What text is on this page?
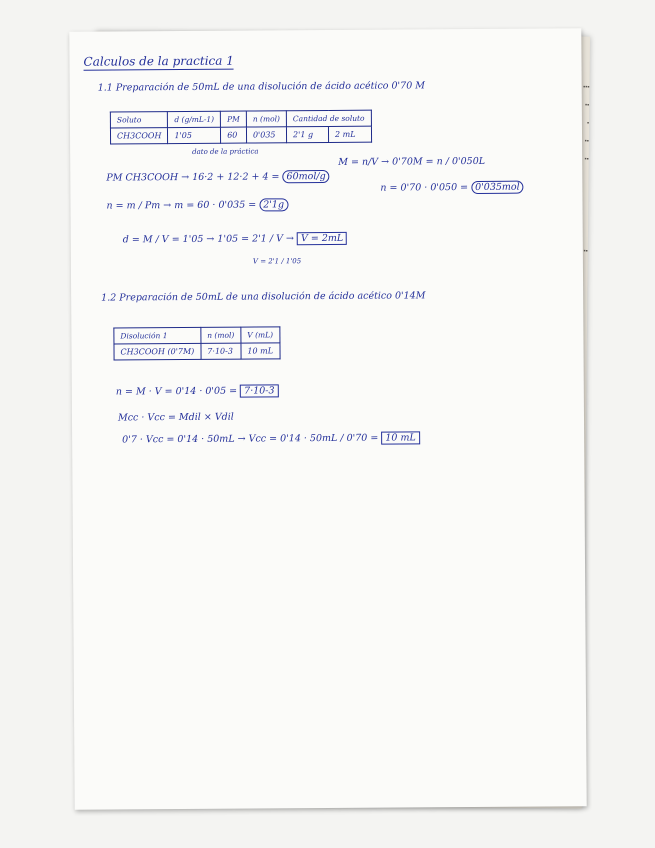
▪▪▪
▪▪
▪
▪▪
▪▪
▪▪
Calculos de la practica 1
1.1 Preparación de 50mL de una disolución de ácido acético 0'70 M
Soluto	d (g/mL-1)	PM	n (mol)	Cantidad de soluto	
CH3COOH	1'05	60	0'035	2'1 g	2 mL
dato de la práctica
M = n/V → 0'70M = n / 0'050L
PM CH3COOH → 16·2 + 12·2 + 4 = 60mol/g
n = 0'70 · 0'050 = 0'035mol
n = m / Pm → m = 60 · 0'035 = 2'1g
d = M / V = 1'05 → 1'05 = 2'1 / V → V = 2mL
V = 2'1 / 1'05
1.2 Preparación de 50mL de una disolución de ácido acético 0'14M
Disolución 1	n (mol)	V (mL)
CH3COOH (0'7M)	7·10-3	10 mL
n = M · V = 0'14 · 0'05 = 7·10-3
Mcc · Vcc = Mdil × Vdil
0'7 · Vcc = 0'14 · 50mL → Vcc = 0'14 · 50mL / 0'70 = 10 mL
